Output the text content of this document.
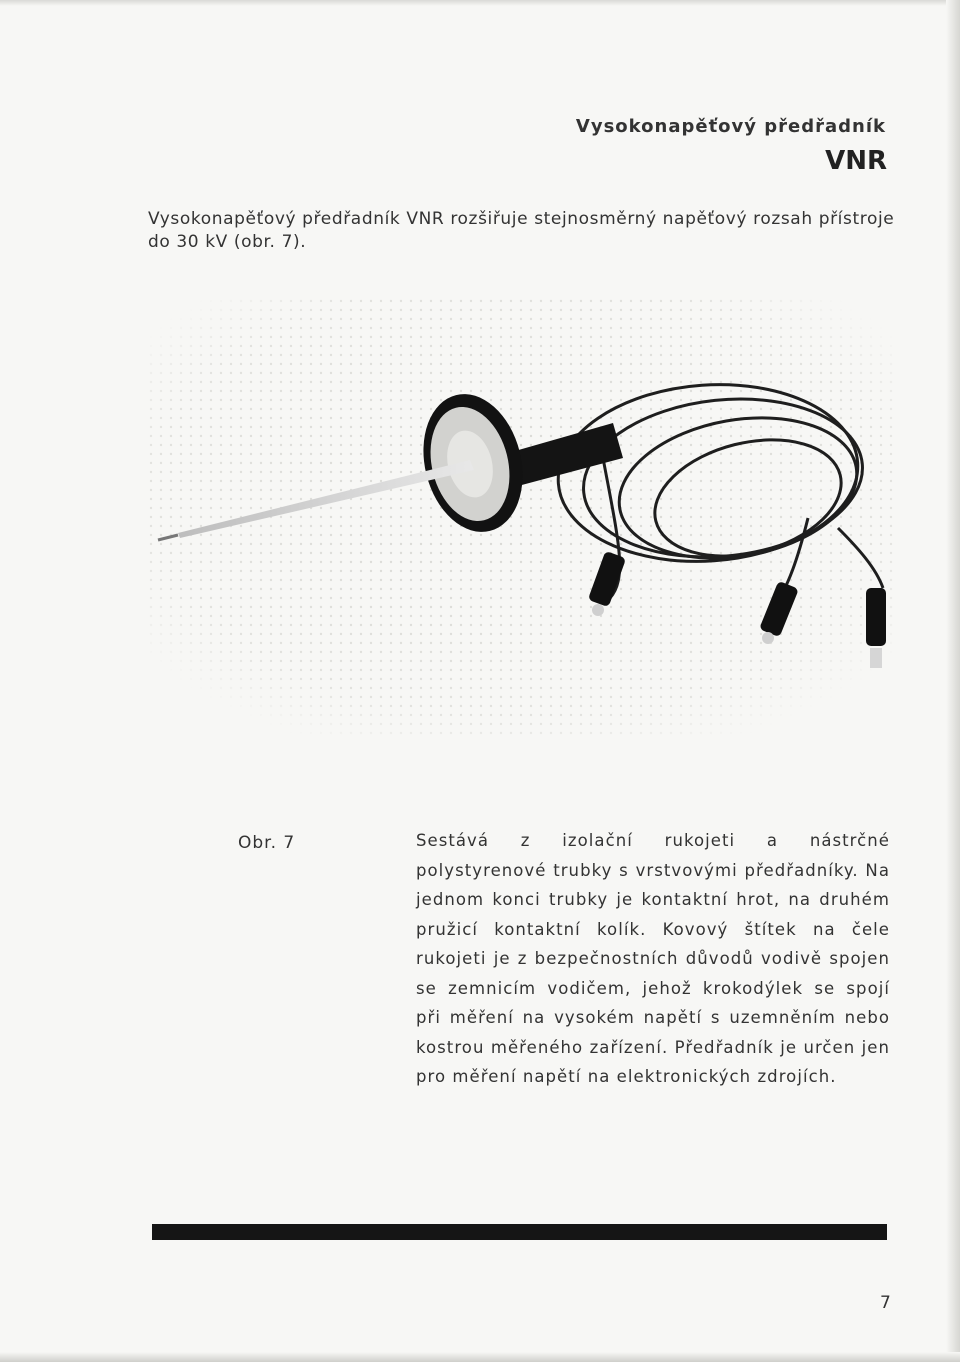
Vysokonapěťový předřadník
VNR
Vysokonapěťový předřadník VNR rozšiřuje stejnosměrný napěťový rozsah přístroje do 30 kV (obr. 7).
Obr. 7	Sestává z izolační rukojeti a nástrčné polystyrenové trubky s vrstvovými předřadníky. Na jednom konci trubky je kontaktní hrot, na druhém pružicí kontaktní kolík. Kovový štítek na čele rukojeti je z bezpečnostních důvodů vodivě spojen se zemnicím vodičem, jehož krokodýlek se spojí při měření na vysokém napětí s uzemněním nebo kostrou měřeného zařízení. Předřadník je určen jen pro měření napětí na elektronických zdrojích.
7
